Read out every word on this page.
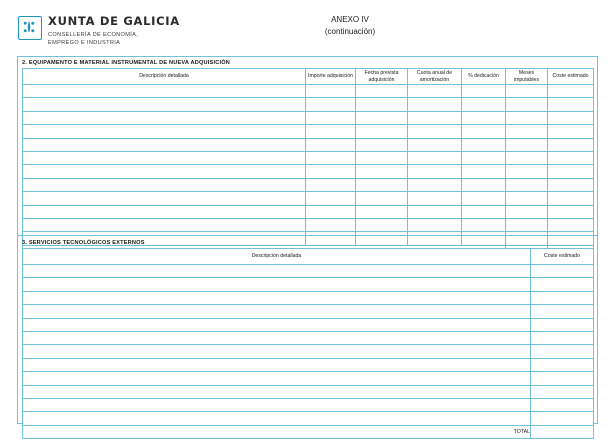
XUNTA DE GALICIA
CONSELLERÍA DE ECONOMÍA,
EMPREGO E INDUSTRIA
ANEXO IV
(continuación)
2. EQUIPAMENTO E MATERIAL INSTRUMENTAL DE NUEVA ADQUISICIÓN
Descripción detallada	Importe adquisición	Fecha prevista adquisición	Cuota anual de amortización	% dedicación	Meses imputables	Coste estimado

3. SERVICIOS TECNOLÓGICOS EXTERNOS
Descripción detallada	Coste estimado

TOTAL	
